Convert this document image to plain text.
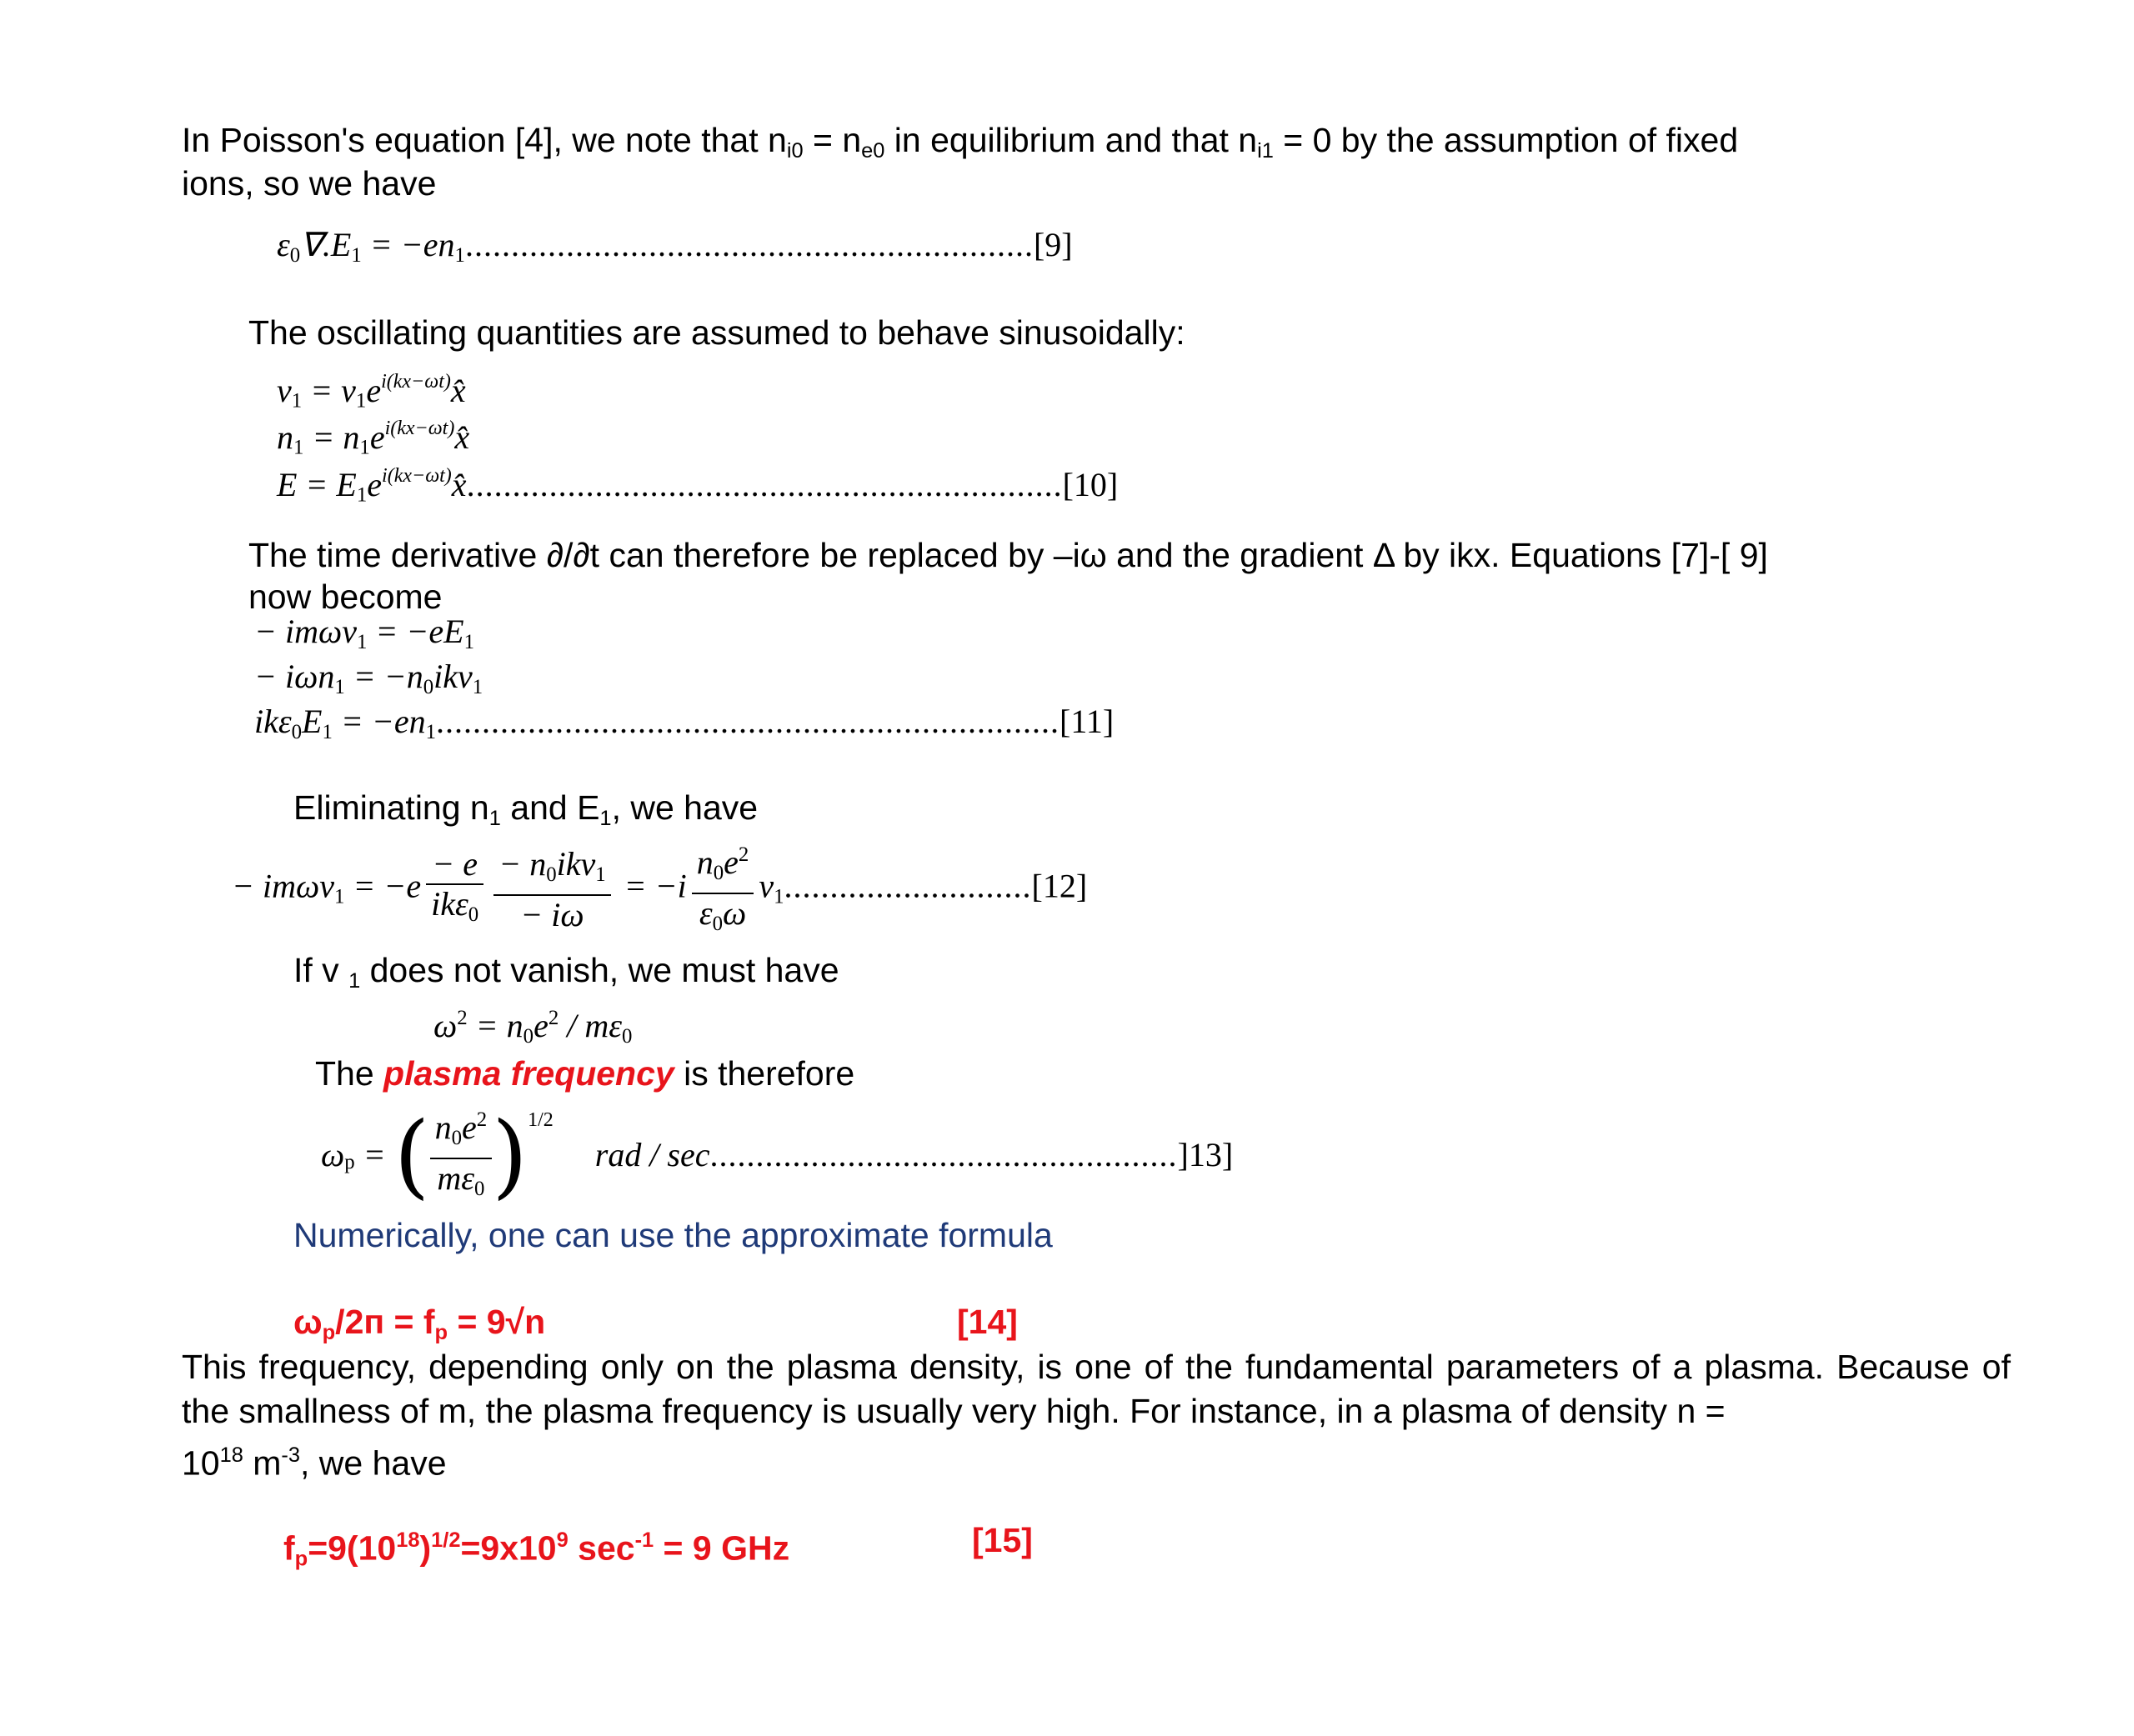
In Poisson's equation [4], we note that $n_{i0} = n_{e0}$ in equilibrium and that $n_{i1} = 0$ by the assumption of fixed
ions, so we have
$\varepsilon_0\nabla.E_1 = -en_1..............................................................[9]$
The oscillating quantities are assumed to behave sinusoidally:
$v_1$ = $v_1e^{i(kx-\omega t)}x̂$
$n_1$ = $n_1e^{i(kx-\omega t)}x̂$
$E = E_1e^{i(kx-\omega t)}x̂.................................................................[10]$
The time derivative ∂/∂t can therefore be replaced by –iω and the gradient Δ by ikx. Equations [7]-[ 9]
now become
− $im\omega v_1 = -eE_1$
− $i\omega n_1 = -n_0ikv_1$
$ik\varepsilon_0E_1 = -en_1....................................................................[11]$
Eliminating $n_1$ and $E_1$, we have
− $im\omega v_1 = -e \frac{- e}{ik\varepsilon_0} \frac{- n_0ikv_1}{- i\omega} = -i \frac{n_0e^2}{\varepsilon_0\omega} v_1...........................[12]$
If v $_1$ does not vanish, we must have
$\omega^2 = n_0e^2 / m\varepsilon_0$
The plasma frequency is therefore
$\omega_p$ = ( $\frac{n_0e^2}{m\varepsilon_0} )^{1/2}$ rad / sec...................................................]13]
Numerically, one can use the approximate formula
$\omega_p/2п = f_p = 9√n$	[14]
This frequency, depending only on the plasma density, is one of the fundamental parameters of a plasma. Because of the smallness of m, the plasma frequency is usually very high. For instance, in a plasma of density n =
$10^{18}$ $m^{-3}$, we have
$f_p=9(10^{18})^{1/2}=9x10^9$ $\sec^{-1} = 9$ GHz	[15]
